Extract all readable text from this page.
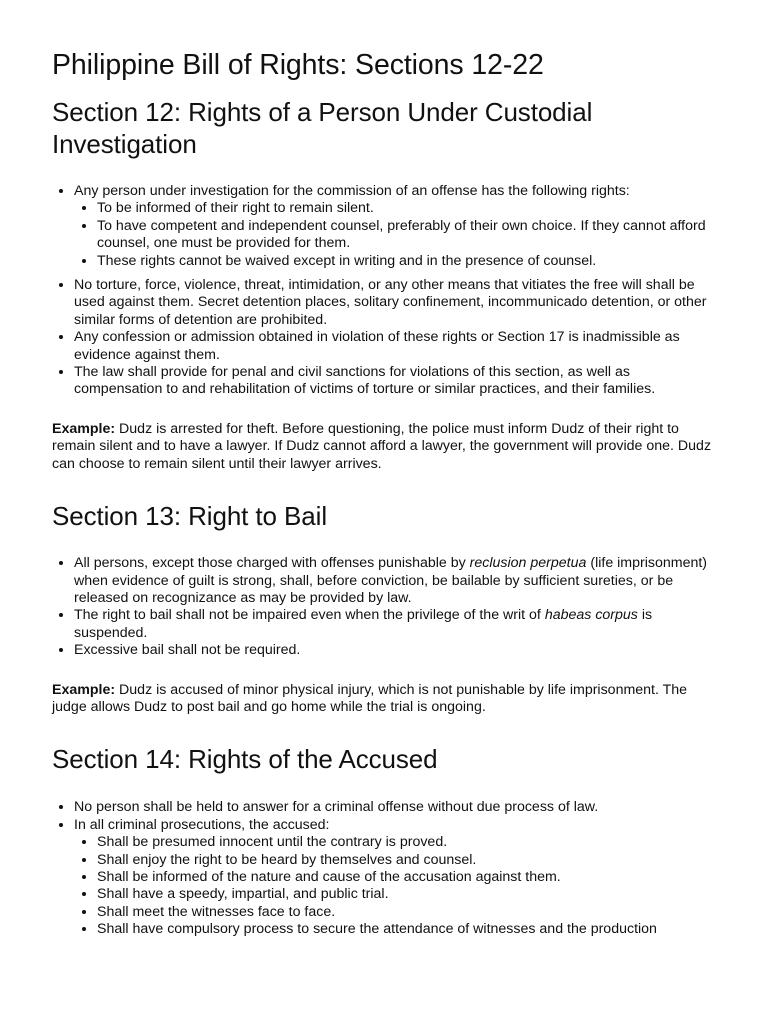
Philippine Bill of Rights: Sections 12-22
Section 12: Rights of a Person Under Custodial Investigation
• Any person under investigation for the commission of an offense has the following rights:
• To be informed of their right to remain silent.
• To have competent and independent counsel, preferably of their own choice. If they cannot afford counsel, one must be provided for them.
• These rights cannot be waived except in writing and in the presence of counsel.
• No torture, force, violence, threat, intimidation, or any other means that vitiates the free will shall be used against them. Secret detention places, solitary confinement, incommunicado detention, or other similar forms of detention are prohibited.
• Any confession or admission obtained in violation of these rights or Section 17 is inadmissible as evidence against them.
• The law shall provide for penal and civil sanctions for violations of this section, as well as compensation to and rehabilitation of victims of torture or similar practices, and their families.

Example: Dudz is arrested for theft. Before questioning, the police must inform Dudz of their right to remain silent and to have a lawyer. If Dudz cannot afford a lawyer, the government will provide one. Dudz can choose to remain silent until their lawyer arrives.

Section 13: Right to Bail
• All persons, except those charged with offenses punishable by reclusion perpetua (life imprisonment) when evidence of guilt is strong, shall, before conviction, be bailable by sufficient sureties, or be released on recognizance as may be provided by law.
• The right to bail shall not be impaired even when the privilege of the writ of habeas corpus is suspended.
• Excessive bail shall not be required.

Example: Dudz is accused of minor physical injury, which is not punishable by life imprisonment. The judge allows Dudz to post bail and go home while the trial is ongoing.

Section 14: Rights of the Accused
• No person shall be held to answer for a criminal offense without due process of law.
• In all criminal prosecutions, the accused:
• Shall be presumed innocent until the contrary is proved.
• Shall enjoy the right to be heard by themselves and counsel.
• Shall be informed of the nature and cause of the accusation against them.
• Shall have a speedy, impartial, and public trial.
• Shall meet the witnesses face to face.
• Shall have compulsory process to secure the attendance of witnesses and the production
